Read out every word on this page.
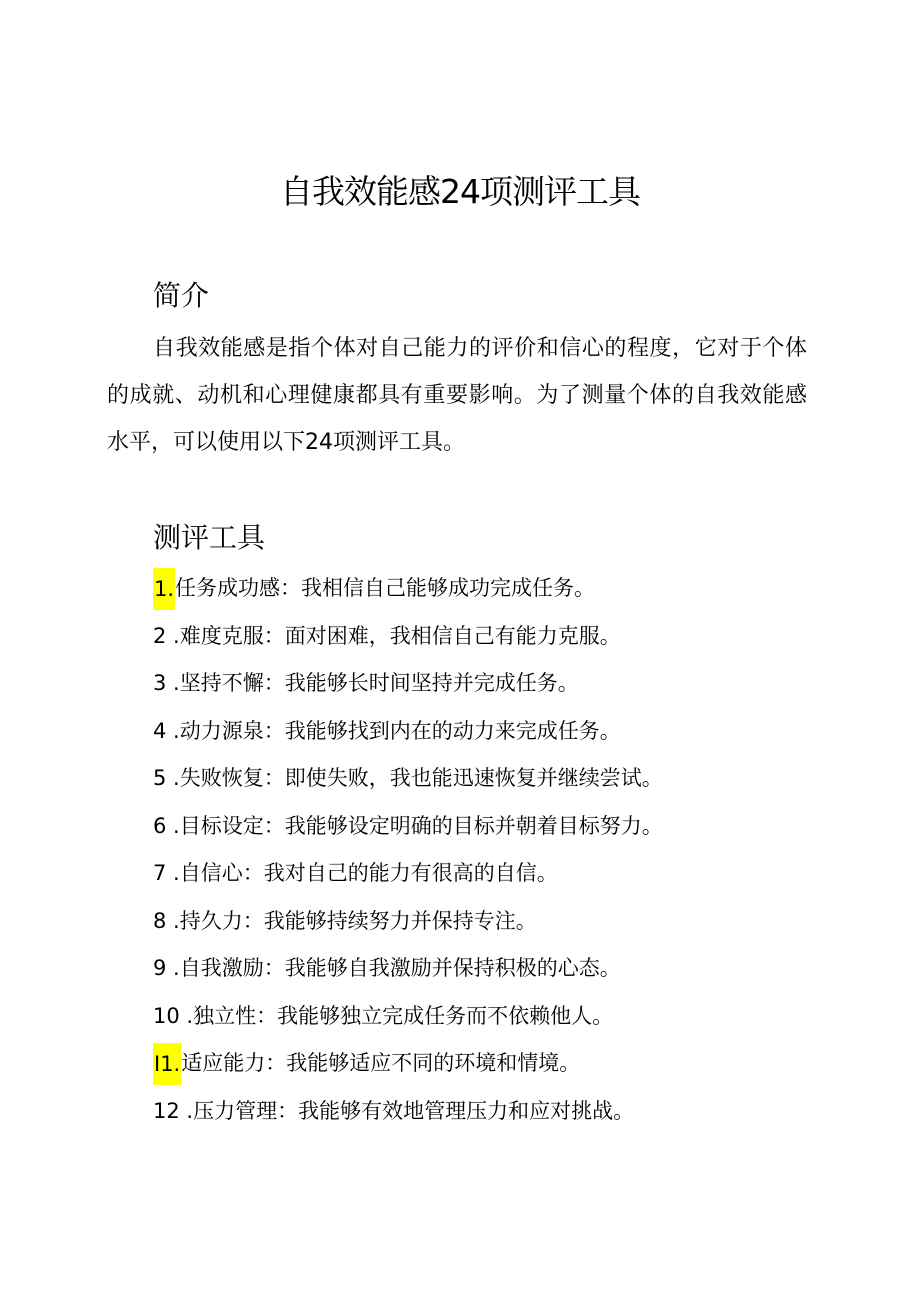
自我效能感24项测评工具
简介

自我效能感是指个体对自己能力的评价和信心的程度，它对于个体的成就、动机和心理健康都具有重要影响。为了测量个体的自我效能感水平，可以使用以下24项测评工具。

测评工具
1. 任务成功感 ： 我相信自己能够成功完成任务。
2 . 难度克服 ： 面对困难，我相信自己有能力克服。
3 . 坚持不懈 ： 我能够长时间坚持并完成任务。
4 . 动力源泉 ： 我能够找到内在的动力来完成任务。
5 . 失败恢复 ： 即使失败，我也能迅速恢复并继续尝试。
6 . 目标设定 ： 我能够设定明确的目标并朝着目标努力。
7 . 自信心 ： 我对自己的能力有很高的自信。
8 . 持久力 ： 我能够持续努力并保持专注。
9 . 自我激励 ： 我能够自我激励并保持积极的心态。
10 . 独立性 ： 我能够独立完成任务而不依赖他人。
I1. 适应能力 ： 我能够适应不同的环境和情境。
12 . 压力管理 ： 我能够有效地管理压力和应对挑战。
